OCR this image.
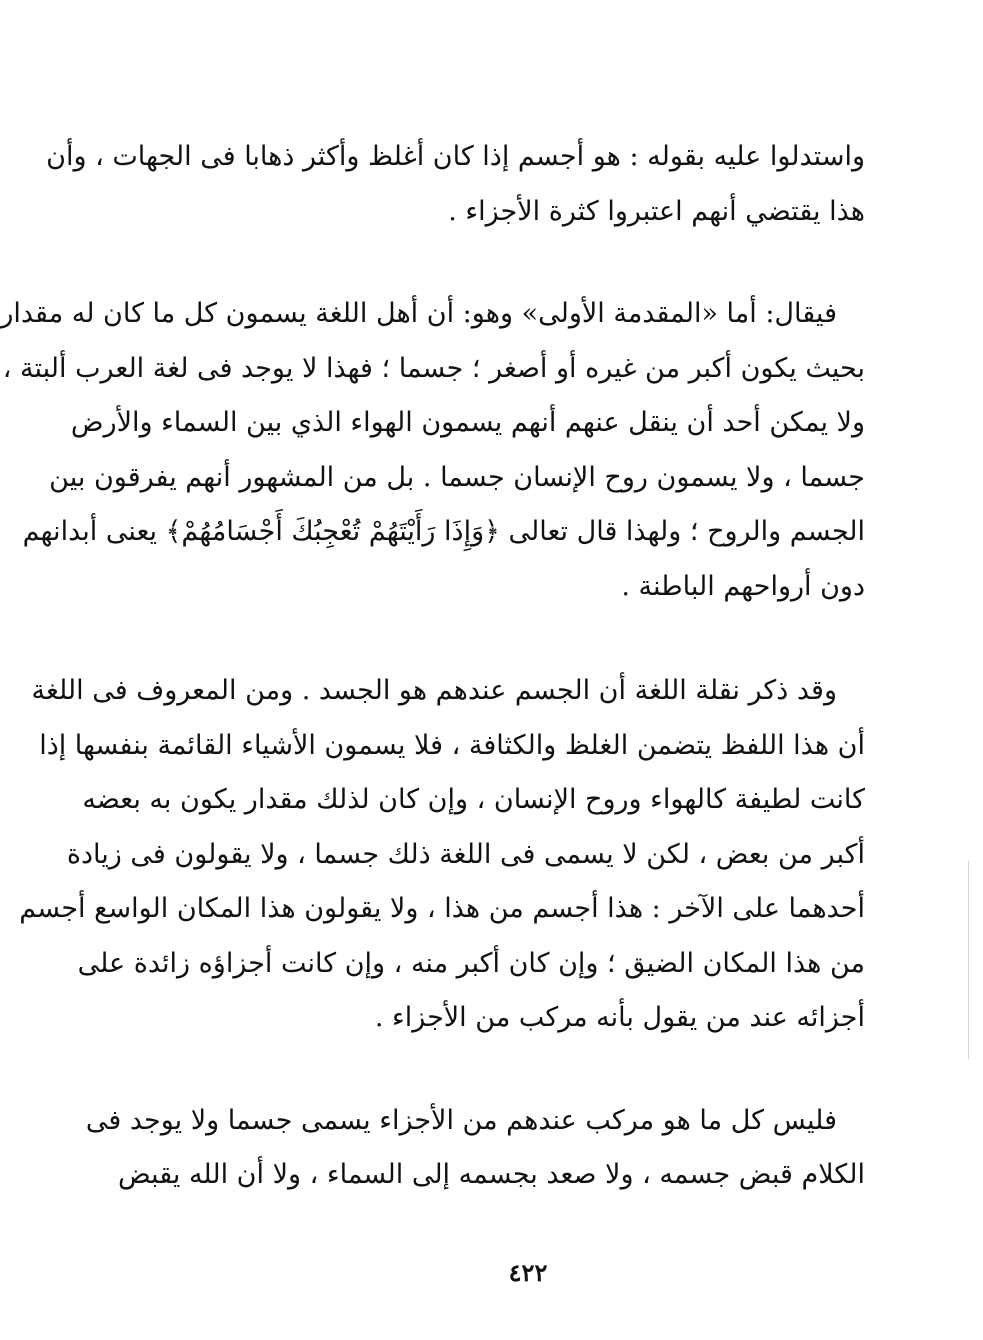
واستدلوا عليه بقوله : هو أجسم إذا كان أغلظ وأكثر ذهابا فى الجهات ، وأن
هذا يقتضي أنهم اعتبروا كثرة الأجزاء .
فيقال: أما «المقدمة الأولى» وهو: أن أهل اللغة يسمون كل ما كان له مقدار
بحيث يكون أكبر من غيره أو أصغر ؛ جسما ؛ فهذا لا يوجد فى لغة العرب ألبتة ،
ولا يمكن أحد أن ينقل عنهم أنهم يسمون الهواء الذي بين السماء والأرض
جسما ، ولا يسمون روح الإنسان جسما . بل من المشهور أنهم يفرقون بين
الجسم والروح ؛ ولهذا قال تعالى ﴿وَإِذَا رَأَيْتَهُمْ تُعْجِبُكَ أَجْسَامُهُمْ﴾ يعنى أبدانهم
دون أرواحهم الباطنة .
وقد ذكر نقلة اللغة أن الجسم عندهم هو الجسد . ومن المعروف فى اللغة
أن هذا اللفظ يتضمن الغلظ والكثافة ، فلا يسمون الأشياء القائمة بنفسها إذا
كانت لطيفة كالهواء وروح الإنسان ، وإن كان لذلك مقدار يكون به بعضه
أكبر من بعض ، لكن لا يسمى فى اللغة ذلك جسما ، ولا يقولون فى زيادة
أحدهما على الآخر : هذا أجسم من هذا ، ولا يقولون هذا المكان الواسع أجسم
من هذا المكان الضيق ؛ وإن كان أكبر منه ، وإن كانت أجزاؤه زائدة على
أجزائه عند من يقول بأنه مركب من الأجزاء .
فليس كل ما هو مركب عندهم من الأجزاء يسمى جسما ولا يوجد فى
الكلام قبض جسمه ، ولا صعد بجسمه إلى السماء ، ولا أن الله يقبض
٤٢٢
